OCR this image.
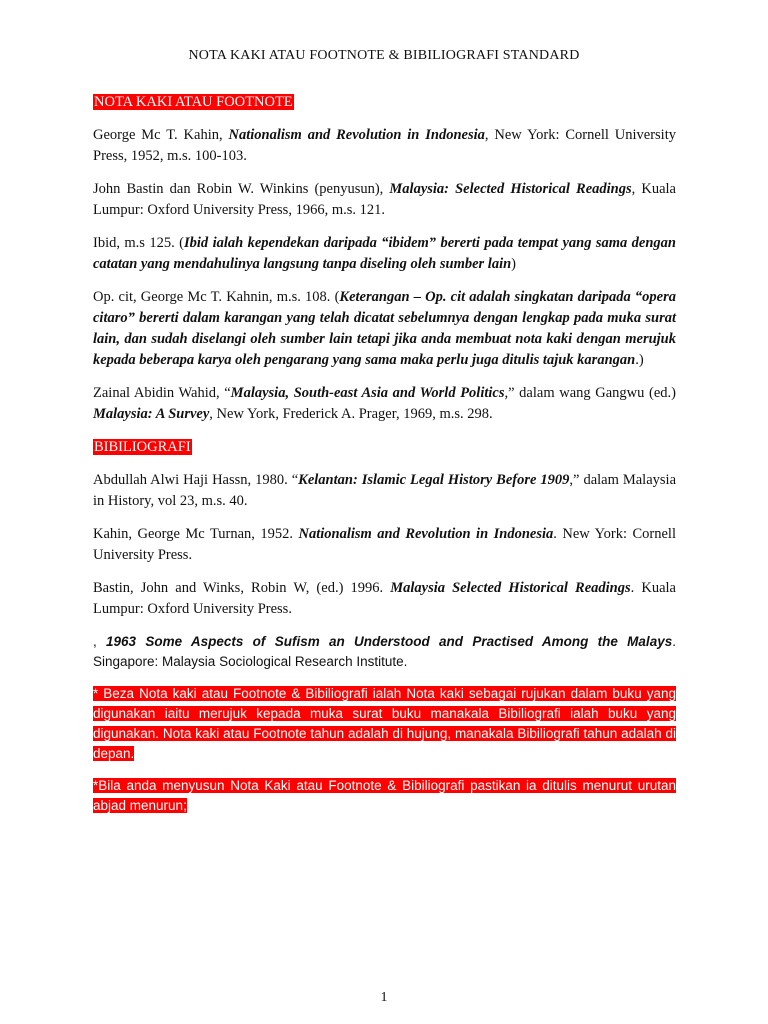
NOTA KAKI ATAU FOOTNOTE & BIBILIOGRAFI STANDARD

NOTA KAKI ATAU FOOTNOTE

George Mc T. Kahin, Nationalism and Revolution in Indonesia, New York: Cornell University Press, 1952, m.s. 100-103.

John Bastin dan Robin W. Winkins (penyusun), Malaysia: Selected Historical Readings, Kuala Lumpur: Oxford University Press, 1966, m.s. 121.

Ibid, m.s 125. (Ibid ialah kependekan daripada “ibidem” bererti pada tempat yang sama dengan catatan yang mendahulinya langsung tanpa diseling oleh sumber lain)

Op. cit, George Mc T. Kahnin, m.s. 108. (Keterangan – Op. cit adalah singkatan daripada “opera citaro” bererti dalam karangan yang telah dicatat sebelumnya dengan lengkap pada muka surat lain, dan sudah diselangi oleh sumber lain tetapi jika anda membuat nota kaki dengan merujuk kepada beberapa karya oleh pengarang yang sama maka perlu juga ditulis tajuk karangan.)

Zainal Abidin Wahid, “Malaysia, South-east Asia and World Politics,” dalam wang Gangwu (ed.) Malaysia: A Survey, New York, Frederick A. Prager, 1969, m.s. 298.

BIBILIOGRAFI

Abdullah Alwi Haji Hassn, 1980. “Kelantan: Islamic Legal History Before 1909,” dalam Malaysia in History, vol 23, m.s. 40.

Kahin, George Mc Turnan, 1952. Nationalism and Revolution in Indonesia. New York: Cornell University Press.

Bastin, John and Winks, Robin W, (ed.) 1996. Malaysia Selected Historical Readings. Kuala Lumpur: Oxford University Press.

, 1963 Some Aspects of Sufism an Understood and Practised Among the Malays. Singapore: Malaysia Sociological Research Institute.

* Beza Nota kaki atau Footnote & Bibiliografi ialah Nota kaki sebagai rujukan dalam buku yang digunakan iaitu merujuk kepada muka surat buku manakala Bibiliografi ialah buku yang digunakan. Nota kaki atau Footnote tahun adalah di hujung, manakala Bibiliografi tahun adalah di depan.

*Bila anda menyusun Nota Kaki atau Footnote & Bibiliografi pastikan ia ditulis menurut urutan abjad menurun;

1
